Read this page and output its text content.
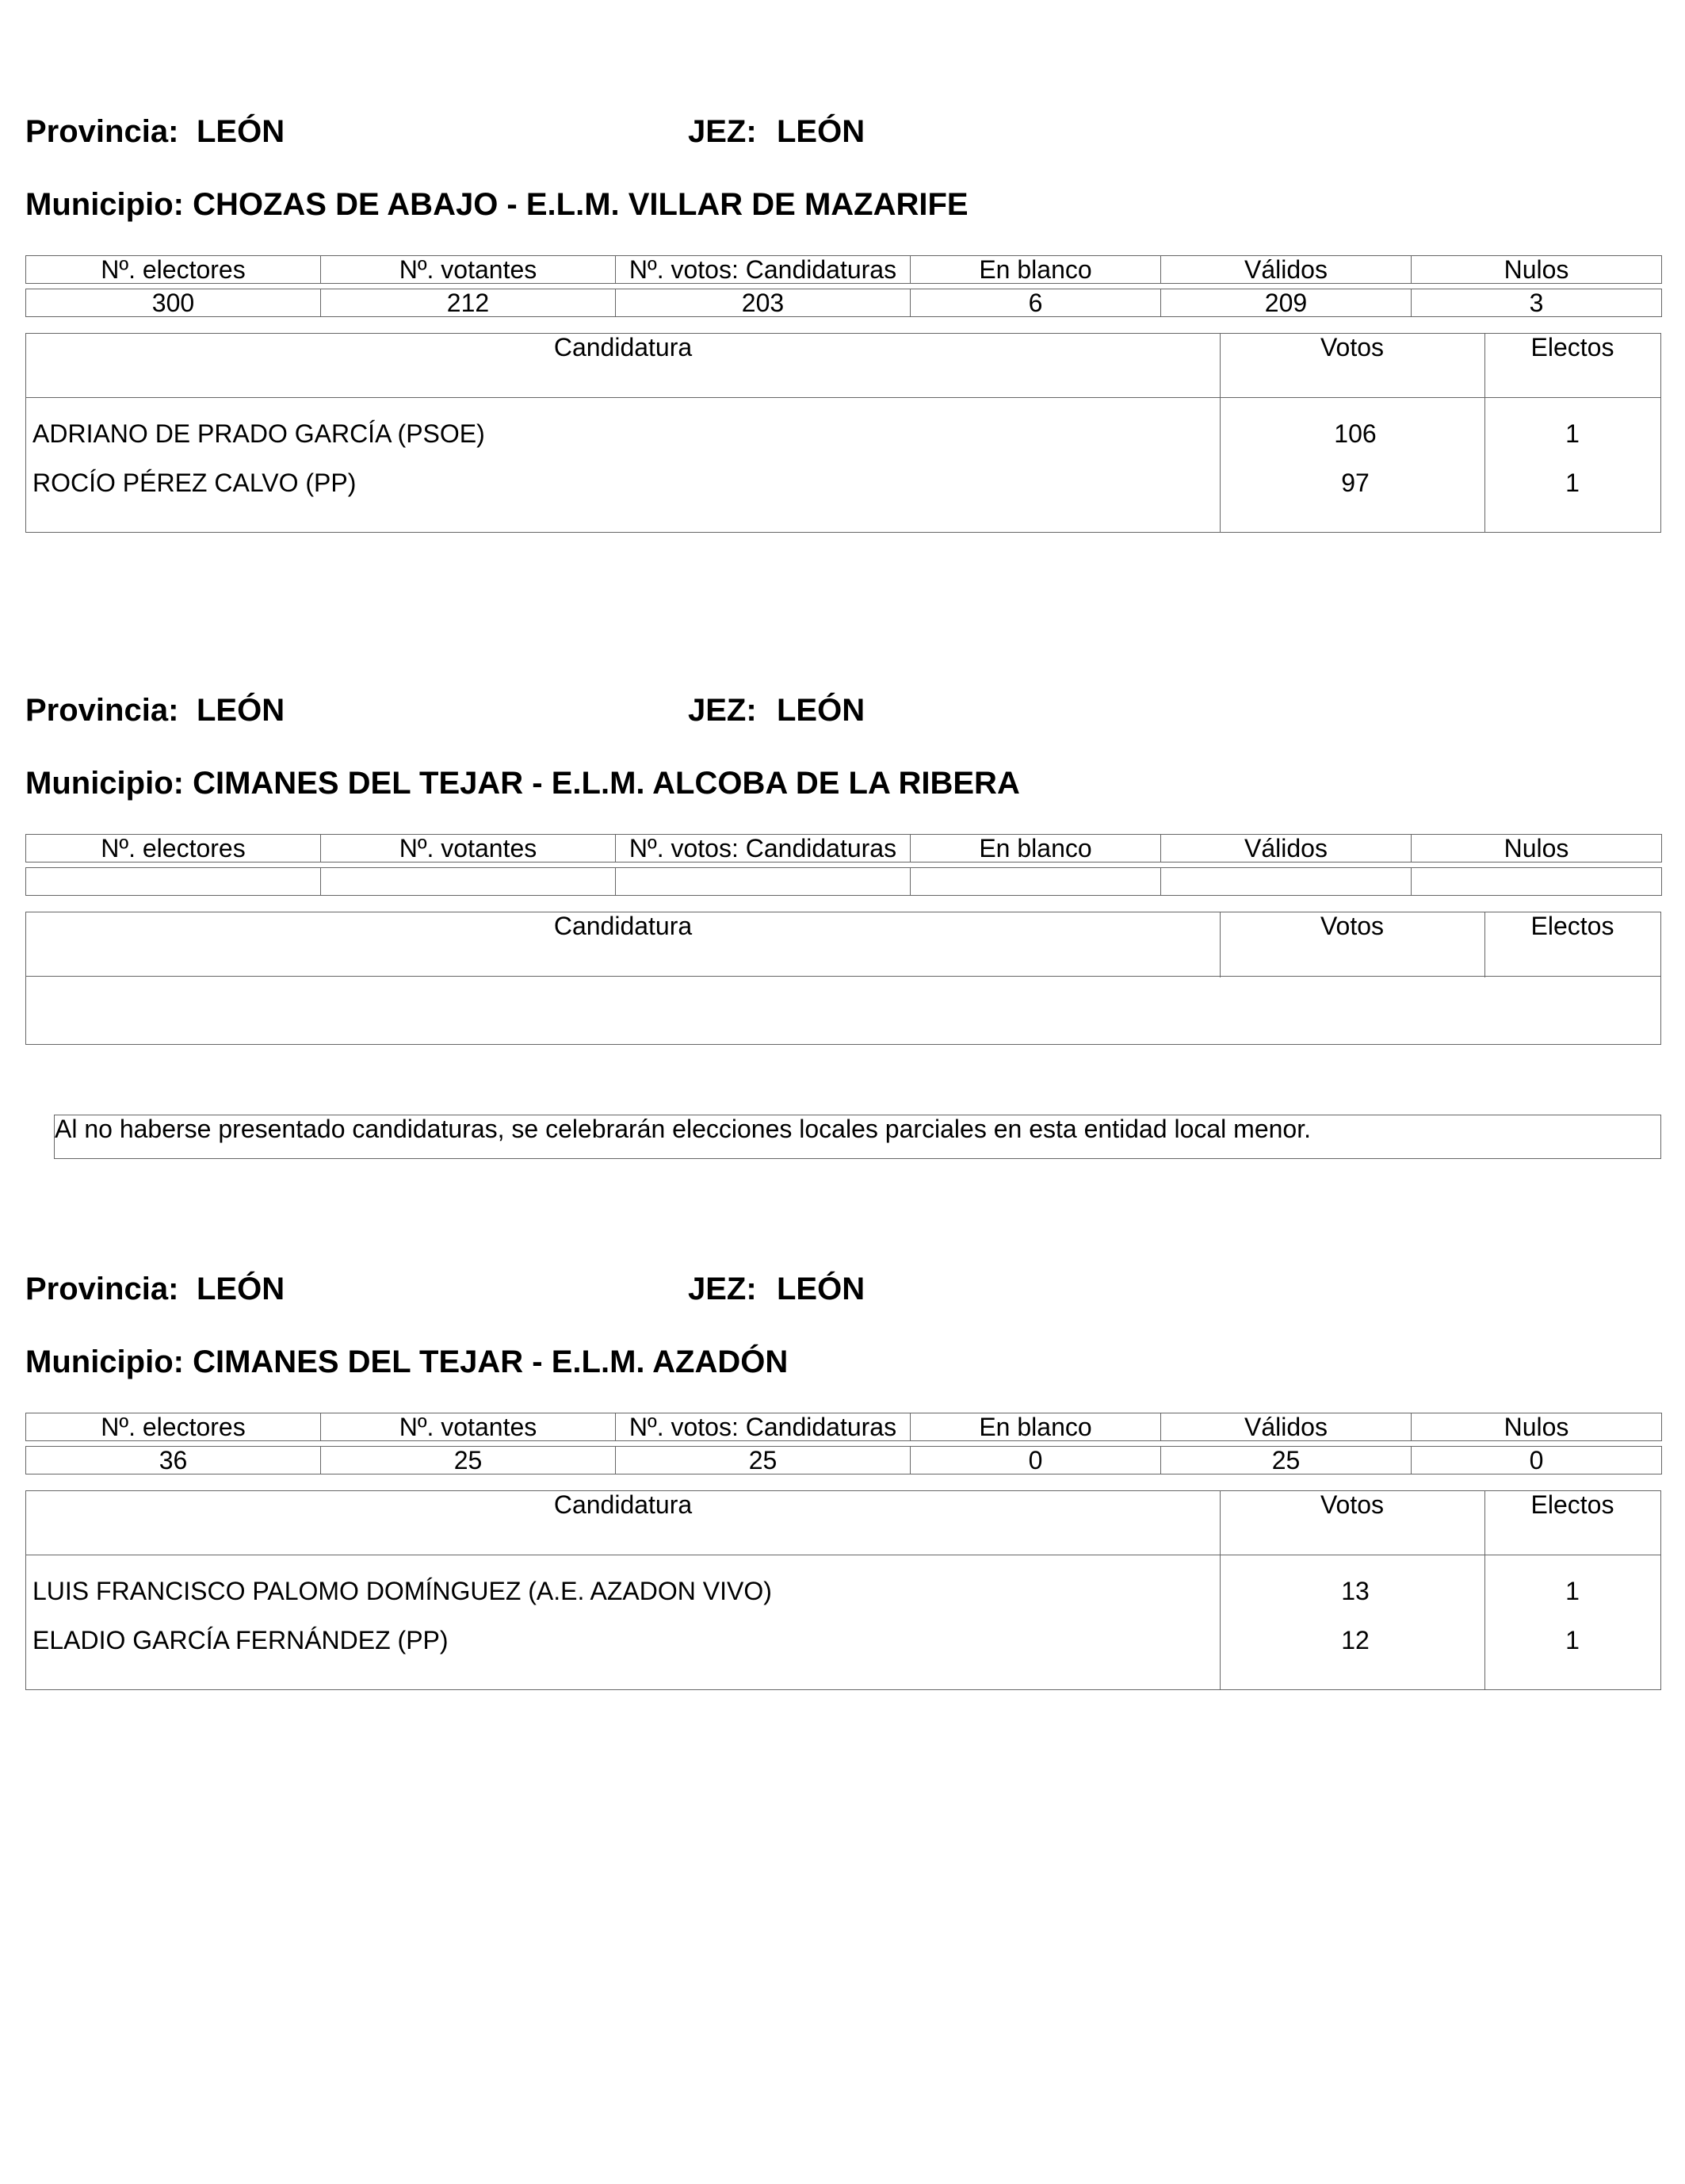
Provincia: LEÓN	JEZ: LEÓN
Municipio: CHOZAS DE ABAJO - E.L.M. VILLAR DE MAZARIFE
Nº. electores	Nº. votantes	Nº. votos: Candidaturas	En blanco	Válidos	Nulos

300	212	203	6	209	3
Candidatura	Votos	Electos
ADRIANO DE PRADO GARCÍA (PSOE)	106	1
ROCÍO PÉREZ CALVO (PP)	97	1
Provincia: LEÓN	JEZ: LEÓN
Municipio: CIMANES DEL TEJAR - E.L.M. ALCOBA DE LA RIBERA
Nº. electores	Nº. votantes	Nº. votos: Candidaturas	En blanco	Válidos	Nulos

Candidatura	Votos	Electos
Al no haberse presentado candidaturas, se celebrarán elecciones locales parciales en esta entidad local menor.
Provincia: LEÓN	JEZ: LEÓN
Municipio: CIMANES DEL TEJAR - E.L.M. AZADÓN
Nº. electores	Nº. votantes	Nº. votos: Candidaturas	En blanco	Válidos	Nulos

36	25	25	0	25	0
Candidatura	Votos	Electos
LUIS FRANCISCO PALOMO DOMÍNGUEZ (A.E. AZADON VIVO)	13	1
ELADIO GARCÍA FERNÁNDEZ (PP)	12	1
